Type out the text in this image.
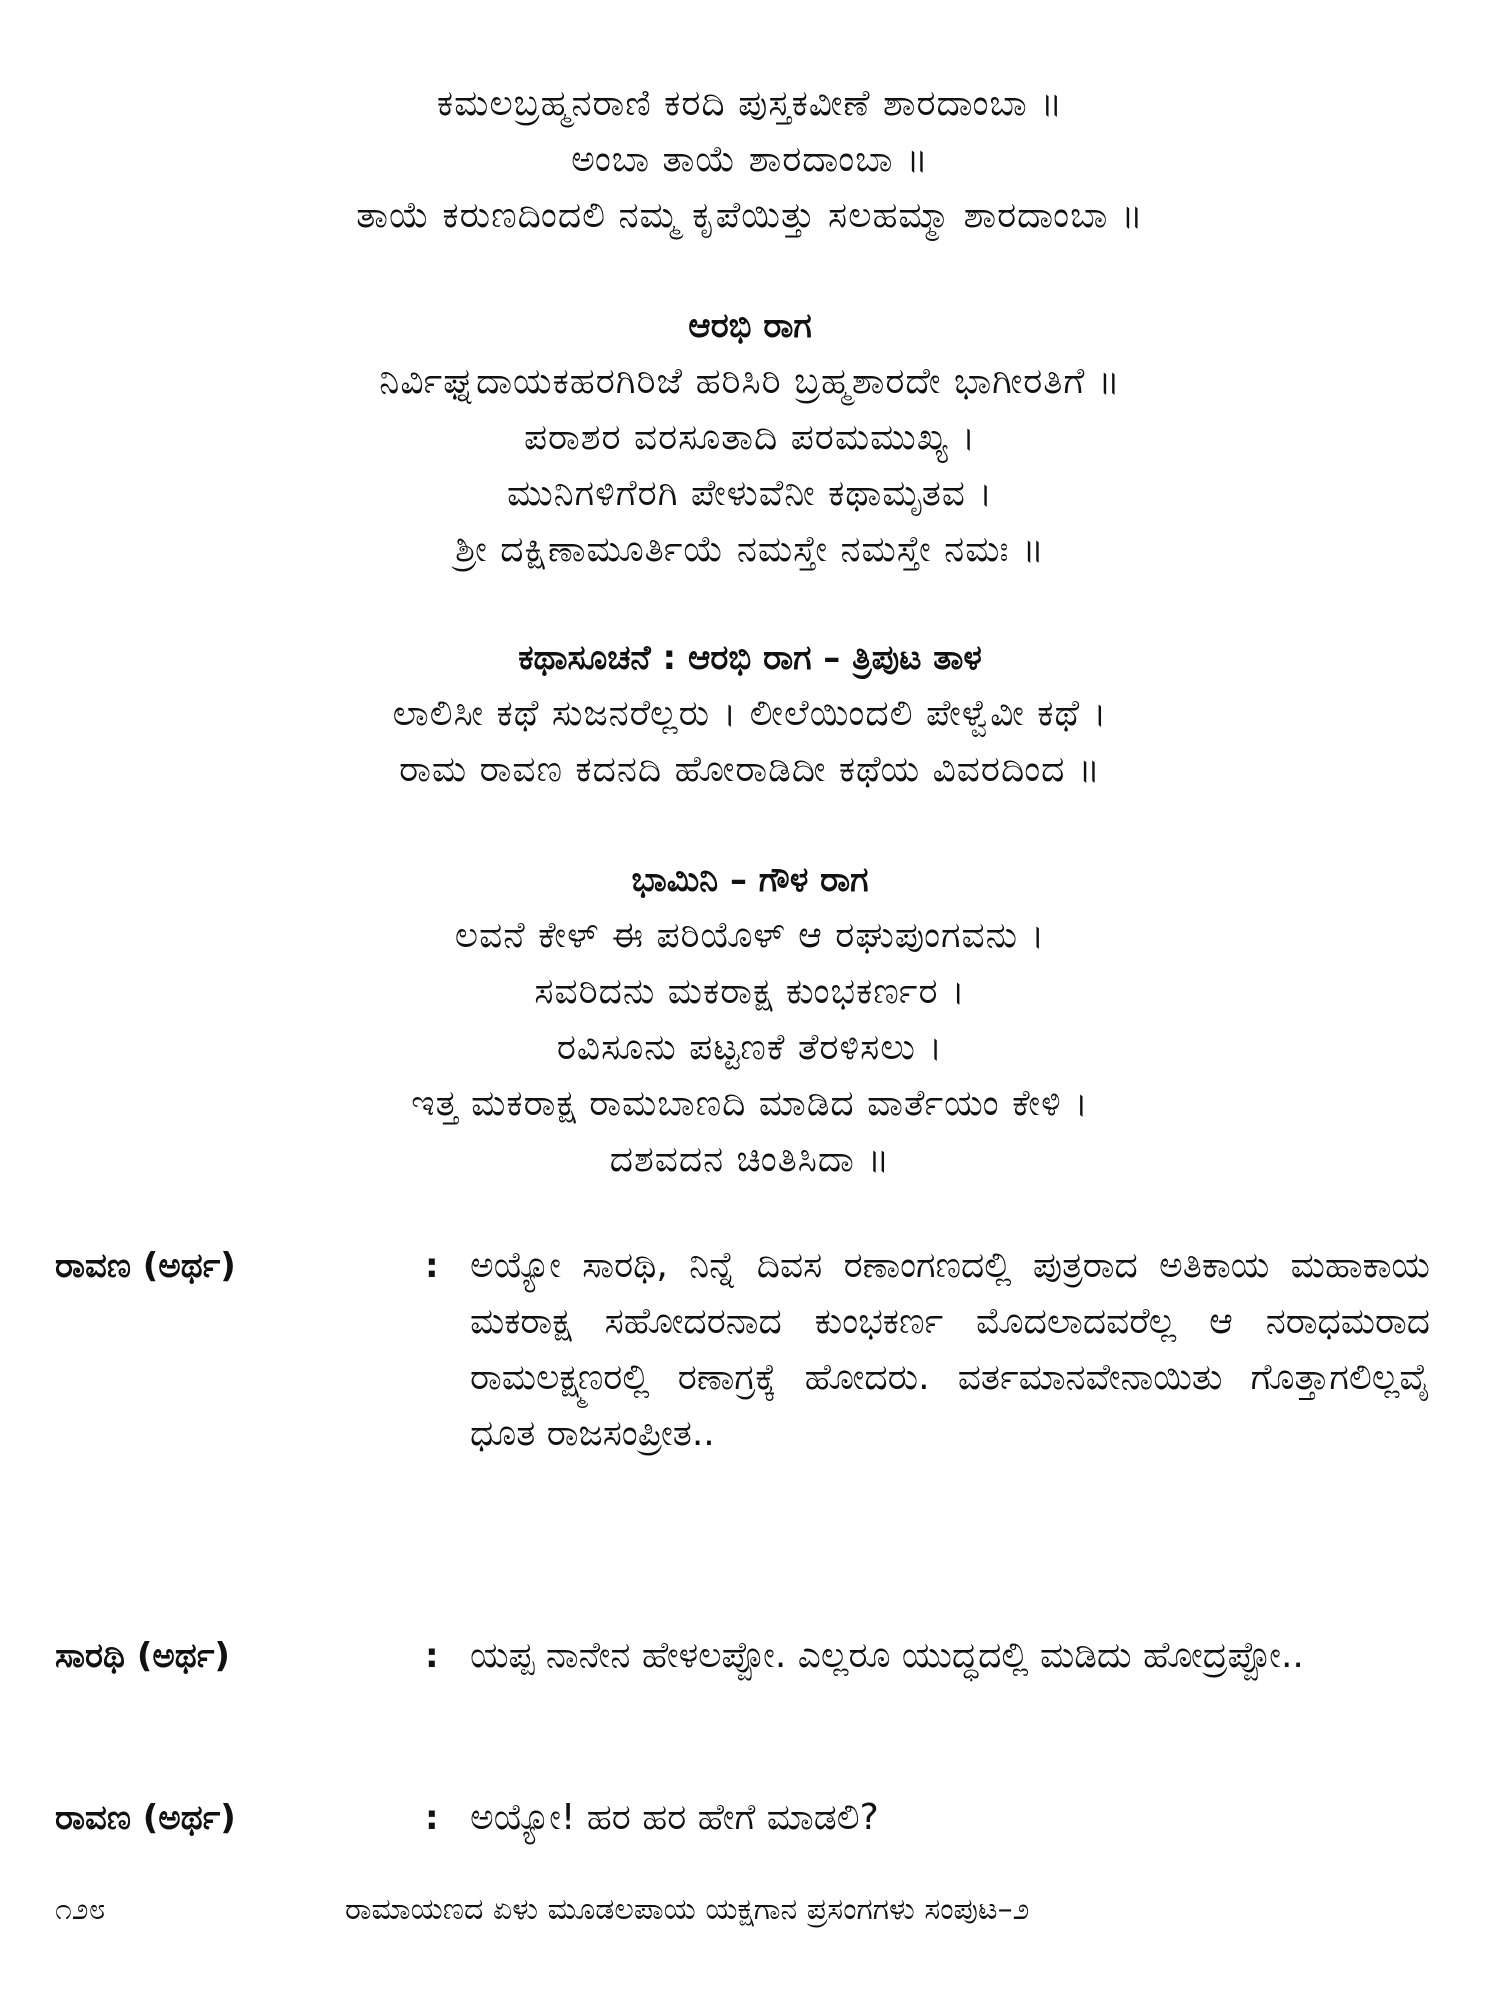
ಕಮಲಬ್ರಹ್ಮನರಾಣಿ ಕರದಿ ಪುಸ್ತಕವೀಣೆ ಶಾರದಾಂಬಾ ॥
ಅಂಬಾ ತಾಯೆ ಶಾರದಾಂಬಾ ॥
ತಾಯೆ ಕರುಣದಿಂದಲಿ ನಮ್ಮ ಕೃಪೆಯಿತ್ತು ಸಲಹಮ್ಮಾ ಶಾರದಾಂಬಾ ॥
ಆರಭಿ ರಾಗ
ನಿರ್ವಿಘ್ನದಾಯಕಹರಗಿರಿಜೆ ಹರಿಸಿರಿ ಬ್ರಹ್ಮಶಾರದೇ ಭಾಗೀರತಿಗೆ ॥
ಪರಾಶರ ವರಸೂತಾದಿ ಪರಮಮುಖ್ಯ ।
ಮುನಿಗಳಿಗೆರಗಿ ಪೇಳುವೆನೀ ಕಥಾಮೃತವ ।
ಶ್ರೀ ದಕ್ಷಿಣಾಮೂರ್ತಿಯೆ ನಮಸ್ತೇ ನಮಸ್ತೇ ನಮಃ ॥
ಕಥಾಸೂಚನೆ : ಆರಭಿ ರಾಗ – ತ್ರಿಪುಟ ತಾಳ
ಲಾಲಿಸೀ ಕಥೆ ಸುಜನರೆಲ್ಲರು । ಲೀಲೆಯಿಂದಲಿ ಪೇಳ್ವೆವೀ ಕಥೆ ।
ರಾಮ ರಾವಣ ಕದನದಿ ಹೋರಾಡಿದೀ ಕಥೆಯ ವಿವರದಿಂದ ॥
ಭಾಮಿನಿ – ಗೌಳ ರಾಗ
ಲವನೆ ಕೇಳ್ ಈ ಪರಿಯೊಳ್ ಆ ರಘುಪುಂಗವನು ।
ಸವರಿದನು ಮಕರಾಕ್ಷ ಕುಂಭಕರ್ಣರ ।
ರವಿಸೂನು ಪಟ್ಟಣಕೆ ತೆರಳಿಸಲು ।
ಇತ್ತ ಮಕರಾಕ್ಷ ರಾಮಬಾಣದಿ ಮಾಡಿದ ವಾರ್ತೆಯಂ ಕೇಳಿ ।
ದಶವದನ ಚಿಂತಿಸಿದಾ ॥
ರಾವಣ (ಅರ್ಥ)	: ಅಯ್ಯೋ ಸಾರಥಿ, ನಿನ್ನೆ ದಿವಸ ರಣಾಂಗಣದಲ್ಲಿ ಪುತ್ರರಾದ ಅತಿಕಾಯ ಮಹಾಕಾಯ ಮಕರಾಕ್ಷ ಸಹೋದರನಾದ ಕುಂಭಕರ್ಣ ಮೊದಲಾದವರೆಲ್ಲ ಆ ನರಾಧಮರಾದ ರಾಮಲಕ್ಷ್ಮಣರಲ್ಲಿ ರಣಾಗ್ರಕ್ಕೆ ಹೋದರು. ವರ್ತಮಾನವೇನಾಯಿತು ಗೊತ್ತಾಗಲಿಲ್ಲವೈ ಧೂತ ರಾಜಸಂಪ್ರೀತ..
ಸಾರಥಿ (ಅರ್ಥ)	: ಯಪ್ಪ ನಾನೇನ ಹೇಳಲಪ್ಪೋ. ಎಲ್ಲರೂ ಯುದ್ಧದಲ್ಲಿ ಮಡಿದು ಹೋದ್ರಪ್ಪೋ..
ರಾವಣ (ಅರ್ಥ)	: ಅಯ್ಯೋ! ಹರ ಹರ ಹೇಗೆ ಮಾಡಲಿ?
೧೨೮	ರಾಮಾಯಣದ ಏಳು ಮೂಡಲಪಾಯ ಯಕ್ಷಗಾನ ಪ್ರಸಂಗಗಳು ಸಂಪುಟ–೨
